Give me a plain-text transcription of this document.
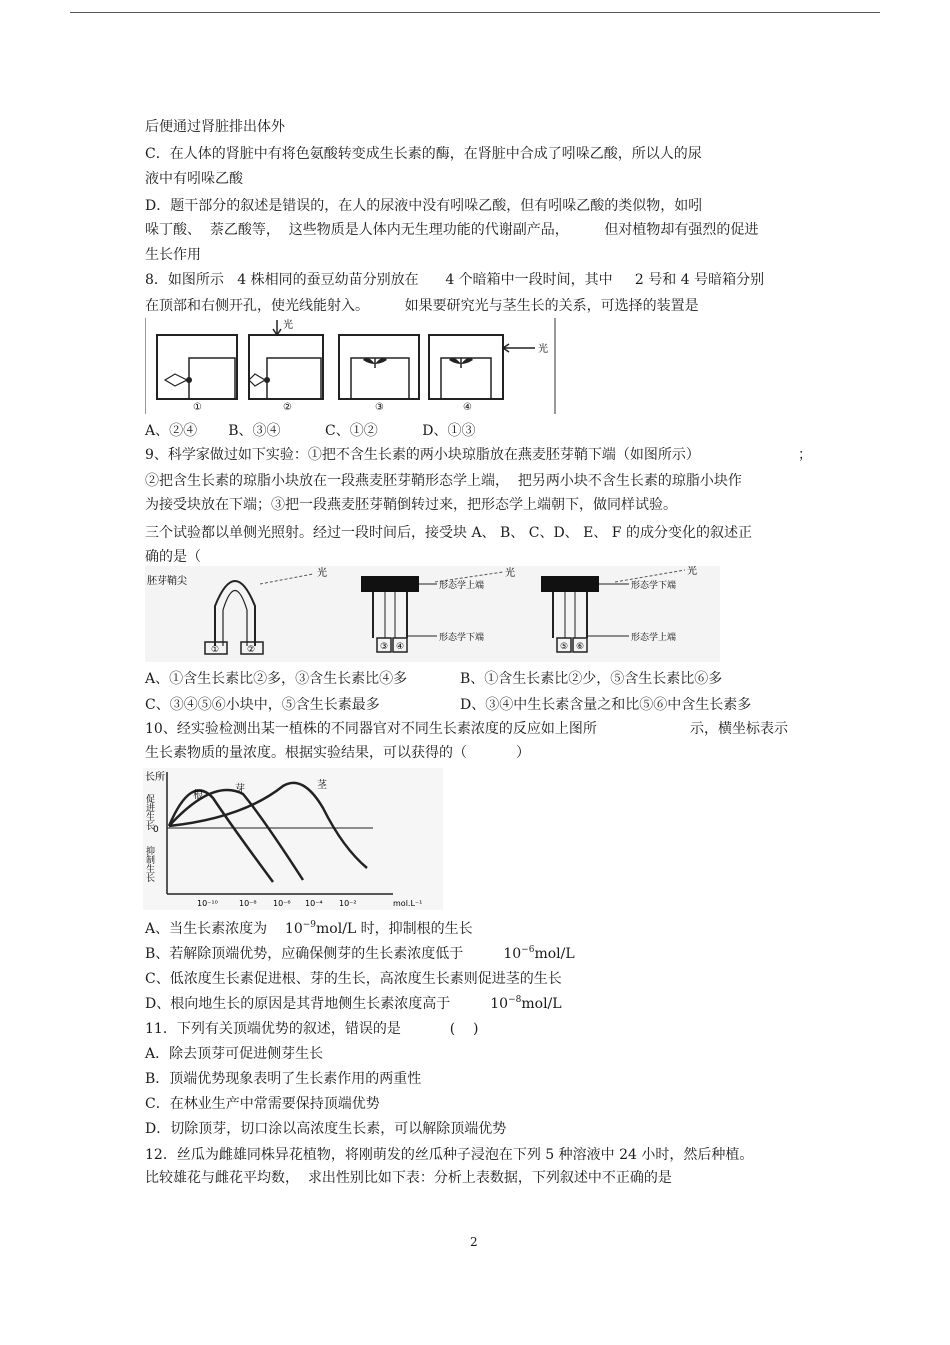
后便通过肾脏排出体外
C．在人体的肾脏中有将色氨酸转变成生长素的酶，在肾脏中合成了吲哚乙酸，所以人的尿
液中有吲哚乙酸
D．题干部分的叙述是错误的，在人的尿液中没有吲哚乙酸，但有吲哚乙酸的类似物，如吲
哚丁酸、  萘乙酸等，  这些物质是人体内无生理功能的代谢副产品，        但对植物却有强烈的促进
生长作用
8．如图所示   4 株相同的蚕豆幼苗分别放在      4 个暗箱中一段时间，其中     2 号和 4 号暗箱分别
在顶部和右侧开孔，使光线能射入。        如果要研究光与茎生长的关系，可选择的装置是
光
光
①	②	③	④
A、②④       B、③④          C、①②          D、①③
9、科学家做过如下实验：①把不含生长素的两小块琼脂放在燕麦胚芽鞘下端（如图所示）	；
②把含生长素的琼脂小块放在一段燕麦胚芽鞘形态学上端，  把另两小块不含生长素的琼脂小块作
为接受块放在下端；③把一段燕麦胚芽鞘倒转过来，把形态学上端朝下，做同样试验。
三个试验都以单侧光照射。经过一段时间后，接受块 A、 B、 C、D、 E、 F 的成分变化的叙述正
确的是（
胚芽鞘尖
光	光	光
形态学上端
形态学下端
形态学下端
形态学上端
①	②	③ ④	⑤ ⑥
A、①含生长素比②多，③含生长素比④多	B、①含生长素比②少，⑤含生长素比⑥多
C、③④⑤⑥小块中，⑤含生长素最多	D、③④中生长素含量之和比⑤⑥中含生长素多
10、经实验检测出某一植株的不同器官对不同生长素浓度的反应如上图所	示，横坐标表示
生长素物质的量浓度。根据实验结果，可以获得的（           ）
长所
促进生长 0
抑制生长
根
芽	茎
10⁻¹⁰	10⁻⁸ 10⁻⁶ 10⁻⁴ 10⁻²	mol.L⁻¹
A、当生长素浓度为    $10^{-9}mol/L$ 时，抑制根的生长
B、若解除顶端优势，应确保侧芽的生长素浓度低于         $10^{-6}mol/L$
C、低浓度生长素促进根、芽的生长，高浓度生长素则促进茎的生长
D、根向地生长的原因是其背地侧生长素浓度高于         $10^{-8}mol/L$
11．下列有关顶端优势的叙述，错误的是           (    )
A．除去顶芽可促进侧芽生长
B．顶端优势现象表明了生长素作用的两重性
C．在林业生产中常需要保持顶端优势
D．切除顶芽，切口涂以高浓度生长素，可以解除顶端优势
12．丝瓜为雌雄同株异花植物，将刚萌发的丝瓜种子浸泡在下列 5 种溶液中 24 小时，然后种植。
比较雄花与雌花平均数，  求出性别比如下表：分析上表数据，下列叙述中不正确的是
2
